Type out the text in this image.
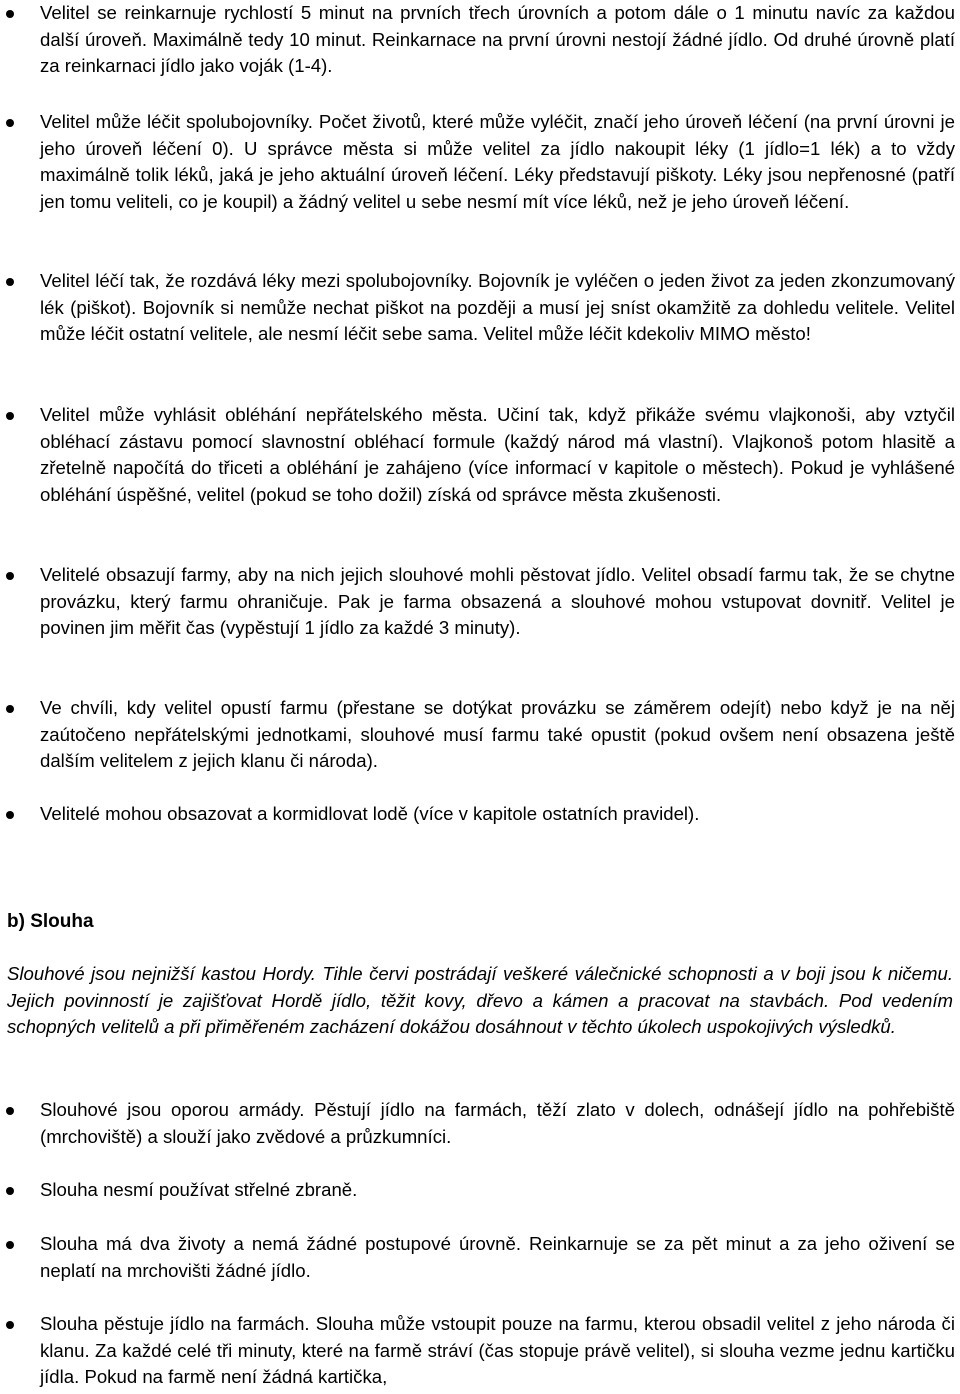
Velitel se reinkarnuje rychlostí 5 minut na prvních třech úrovních a potom dále o 1 minutu navíc za každou další úroveň. Maximálně tedy 10 minut. Reinkarnace na první úrovni nestojí žádné jídlo. Od druhé úrovně platí za reinkarnaci jídlo jako voják (1-4).

Velitel může léčit spolubojovníky. Počet životů, které může vyléčit, značí jeho úroveň léčení (na první úrovni je jeho úroveň léčení 0). U správce města si může velitel za jídlo nakoupit léky (1 jídlo=1 lék) a to vždy maximálně tolik léků, jaká je jeho aktuální úroveň léčení. Léky představují piškoty. Léky jsou nepřenosné (patří jen tomu veliteli, co je koupil) a žádný velitel u sebe nesmí mít více léků, než je jeho úroveň léčení.

Velitel léčí tak, že rozdává léky mezi spolubojovníky. Bojovník je vyléčen o jeden život za jeden zkonzumovaný lék (piškot). Bojovník si nemůže nechat piškot na později a musí jej sníst okamžitě za dohledu velitele. Velitel může léčit ostatní velitele, ale nesmí léčit sebe sama. Velitel může léčit kdekoliv MIMO město!

Velitel může vyhlásit obléhání nepřátelského města. Učiní tak, když přikáže svému vlajkonoši, aby vztyčil obléhací zástavu pomocí slavnostní obléhací formule (každý národ má vlastní). Vlajkonoš potom hlasitě a zřetelně napočítá do třiceti a obléhání je zahájeno (více informací v kapitole o městech). Pokud je vyhlášené obléhání úspěšné, velitel (pokud se toho dožil) získá od správce města zkušenosti.

Velitelé obsazují farmy, aby na nich jejich slouhové mohli pěstovat jídlo. Velitel obsadí farmu tak, že se chytne provázku, který farmu ohraničuje. Pak je farma obsazená a slouhové mohou vstupovat dovnitř. Velitel je povinen jim měřit čas (vypěstují 1 jídlo za každé 3 minuty).

Ve chvíli, kdy velitel opustí farmu (přestane se dotýkat provázku se záměrem odejít) nebo když je na něj zaútočeno nepřátelskými jednotkami, slouhové musí farmu také opustit (pokud ovšem není obsazena ještě dalším velitelem z jejich klanu či národa).

Velitelé mohou obsazovat a kormidlovat lodě (více v kapitole ostatních pravidel).

b) Slouha

Slouhové jsou nejnižší kastou Hordy. Tihle červi postrádají veškeré válečnické schopnosti a v boji jsou k ničemu. Jejich povinností je zajišťovat Hordě jídlo, těžit kovy, dřevo a kámen a pracovat na stavbách. Pod vedením schopných velitelů a při přiměřeném zacházení dokážou dosáhnout v těchto úkolech uspokojivých výsledků.

Slouhové jsou oporou armády. Pěstují jídlo na farmách, těží zlato v dolech, odnášejí jídlo na pohřebiště (mrchoviště) a slouží jako zvědové a průzkumníci.

Slouha nesmí používat střelné zbraně.

Slouha má dva životy a nemá žádné postupové úrovně. Reinkarnuje se za pět minut a za jeho oživení se neplatí na mrchovišti žádné jídlo.

Slouha pěstuje jídlo na farmách. Slouha může vstoupit pouze na farmu, kterou obsadil velitel z jeho národa či klanu. Za každé celé tři minuty, které na farmě stráví (čas stopuje právě velitel), si slouha vezme jednu kartičku jídla. Pokud na farmě není žádná kartička,
